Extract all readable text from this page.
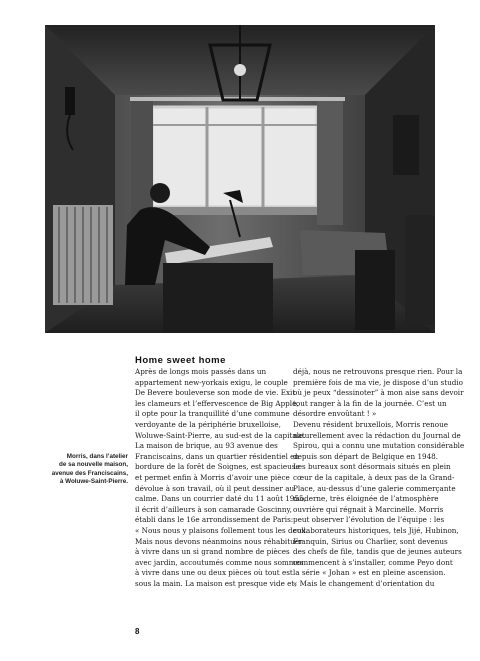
Morris, dans l’atelier
de sa nouvelle maison,
avenue des Franciscains,
à Woluwe-Saint-Pierre.
Home sweet home
Après de longs mois passés dans un
appartement new-yorkais exigu, le couple
De Bevere bouleverse son mode de vie. Exit
les clameurs et l’effervescence de Big Apple,
il opte pour la tranquillité d’une commune
verdoyante de la périphérie bruxelloise,
Woluwe-Saint-Pierre, au sud-est de la capitale.
La maison de brique, au 93 avenue des
Franciscains, dans un quartier résidentiel en
bordure de la forêt de Soignes, est spacieuse
et permet enfin à Morris d’avoir une pièce
dévolue à son travail, où il peut dessiner au
calme. Dans un courrier daté du 11 août 1955,
il écrit d’ailleurs à son camarade Goscinny,
établi dans le 16e arrondissement de Paris:
« Nous nous y plaisons follement tous les deux.
Mais nous devons néanmoins nous réhabituer
à vivre dans un si grand nombre de pièces
avec jardin, accoutumés comme nous sommes
à vivre dans une ou deux pièces où tout est
sous la main. La maison est presque vide et,
déjà, nous ne retrouvons presque rien. Pour la
première fois de ma vie, je dispose d’un studio
où je peux “dessinoter” à mon aise sans devoir
tout ranger à la fin de la journée. C’est un
désordre envoûtant ! »
Devenu résident bruxellois, Morris renoue
naturellement avec la rédaction du Journal de
Spirou, qui a connu une mutation considérable
depuis son départ de Belgique en 1948.
Les bureaux sont désormais situés en plein
cœur de la capitale, à deux pas de la Grand-
Place, au-dessus d’une galerie commerçante
moderne, très éloignée de l’atmosphère
ouvrière qui régnait à Marcinelle. Morris
peut observer l’évolution de l’équipe : les
collaborateurs historiques, tels Jijé, Hubinon,
Franquin, Sirius ou Charlier, sont devenus
des chefs de file, tandis que de jeunes auteurs
commencent à s’installer, comme Peyo dont
la série « Johan » est en pleine ascension.
« Mais le changement d’orientation du
8
